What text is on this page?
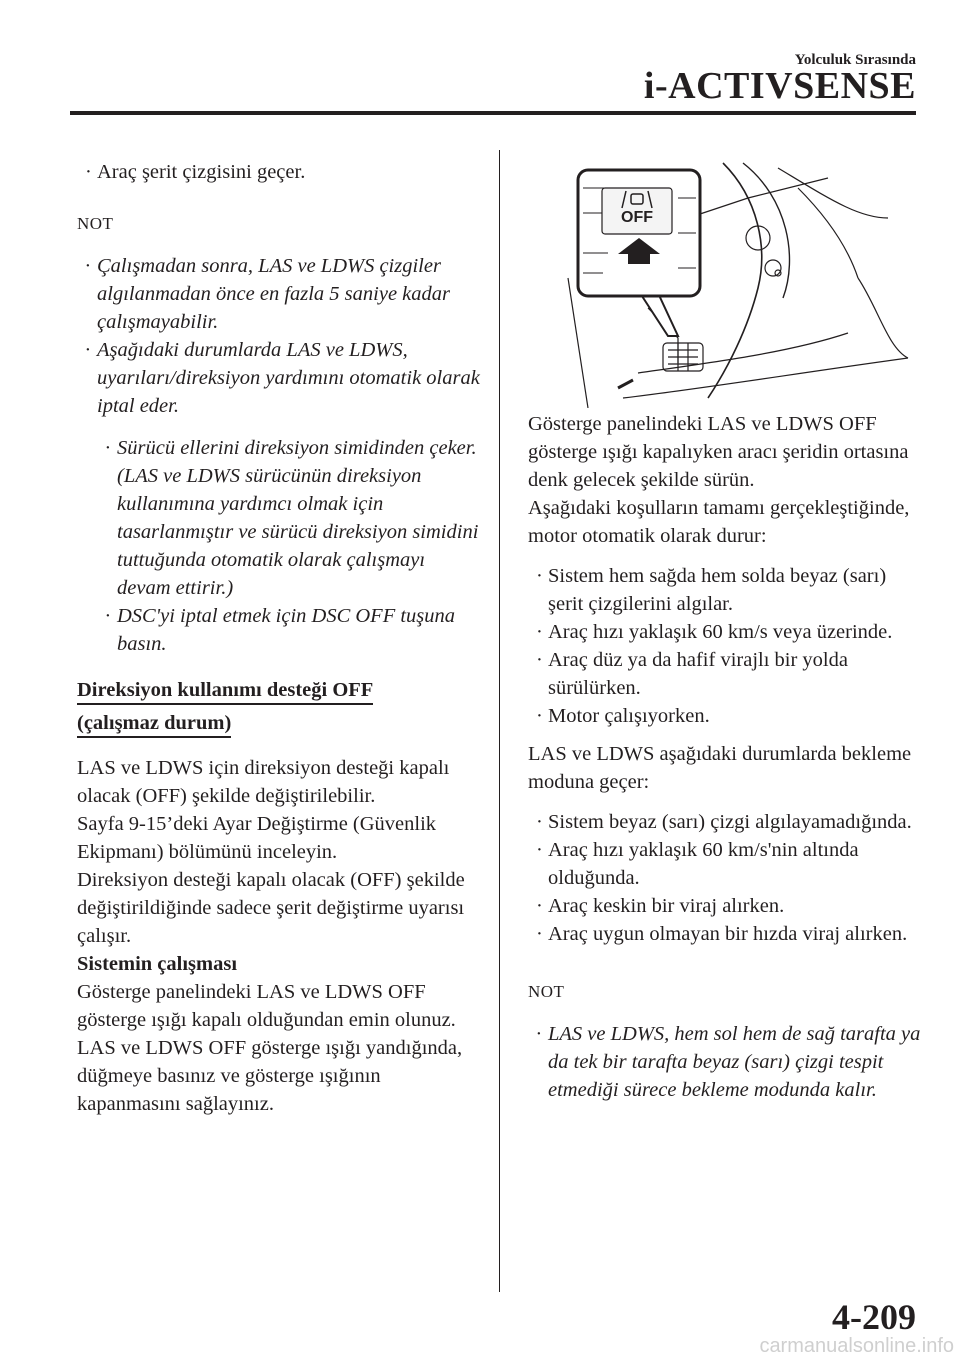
Yolculuk Sırasında
i-ACTIVSENSE
· Araç şerit çizgisini geçer.

NOT

· Çalışmadan sonra, LAS ve LDWS çizgiler algılanmadan önce en fazla 5 saniye kadar çalışmayabilir.
· Aşağıdaki durumlarda LAS ve LDWS, uyarıları/direksiyon yardımını otomatik olarak iptal eder.
· Sürücü ellerini direksiyon simidinden çeker.
(LAS ve LDWS sürücünün direksiyon kullanımına yardımcı olmak için tasarlanmıştır ve sürücü direksiyon simidini tuttuğunda otomatik olarak çalışmayı devam ettirir.)
· DSC'yi iptal etmek için DSC OFF tuşuna basın.
Direksiyon kullanımı desteği OFF
(çalışmaz durum)

LAS ve LDWS için direksiyon desteği kapalı olacak (OFF) şekilde değiştirilebilir.

Sayfa 9-15’deki Ayar Değiştirme (Güvenlik Ekipmanı) bölümünü inceleyin.

Direksiyon desteği kapalı olacak (OFF) şekilde değiştirildiğinde sadece şerit değiştirme uyarısı çalışır.

Sistemin çalışması

Gösterge panelindeki LAS ve LDWS OFF gösterge ışığı kapalı olduğundan emin olunuz. LAS ve LDWS OFF gösterge ışığı yandığında, düğmeye basınız ve gösterge ışığının kapanmasını sağlayınız.

OFF

Gösterge panelindeki LAS ve LDWS OFF gösterge ışığı kapalıyken aracı şeridin ortasına denk gelecek şekilde sürün.

Aşağıdaki koşulların tamamı gerçekleştiğinde, motor otomatik olarak durur:

· Sistem hem sağda hem solda beyaz (sarı) şerit çizgilerini algılar.
· Araç hızı yaklaşık 60 km/s veya üzerinde.
· Araç düz ya da hafif virajlı bir yolda sürülürken.
· Motor çalışıyorken.

LAS ve LDWS aşağıdaki durumlarda bekleme moduna geçer:

· Sistem beyaz (sarı) çizgi algılayamadığında.
· Araç hızı yaklaşık 60 km/s'nin altında olduğunda.
· Araç keskin bir viraj alırken.
· Araç uygun olmayan bir hızda viraj alırken.

NOT

· LAS ve LDWS, hem sol hem de sağ tarafta ya da tek bir tarafta beyaz (sarı) çizgi tespit etmediği sürece bekleme modunda kalır.
4-209
carmanualsonline.info
